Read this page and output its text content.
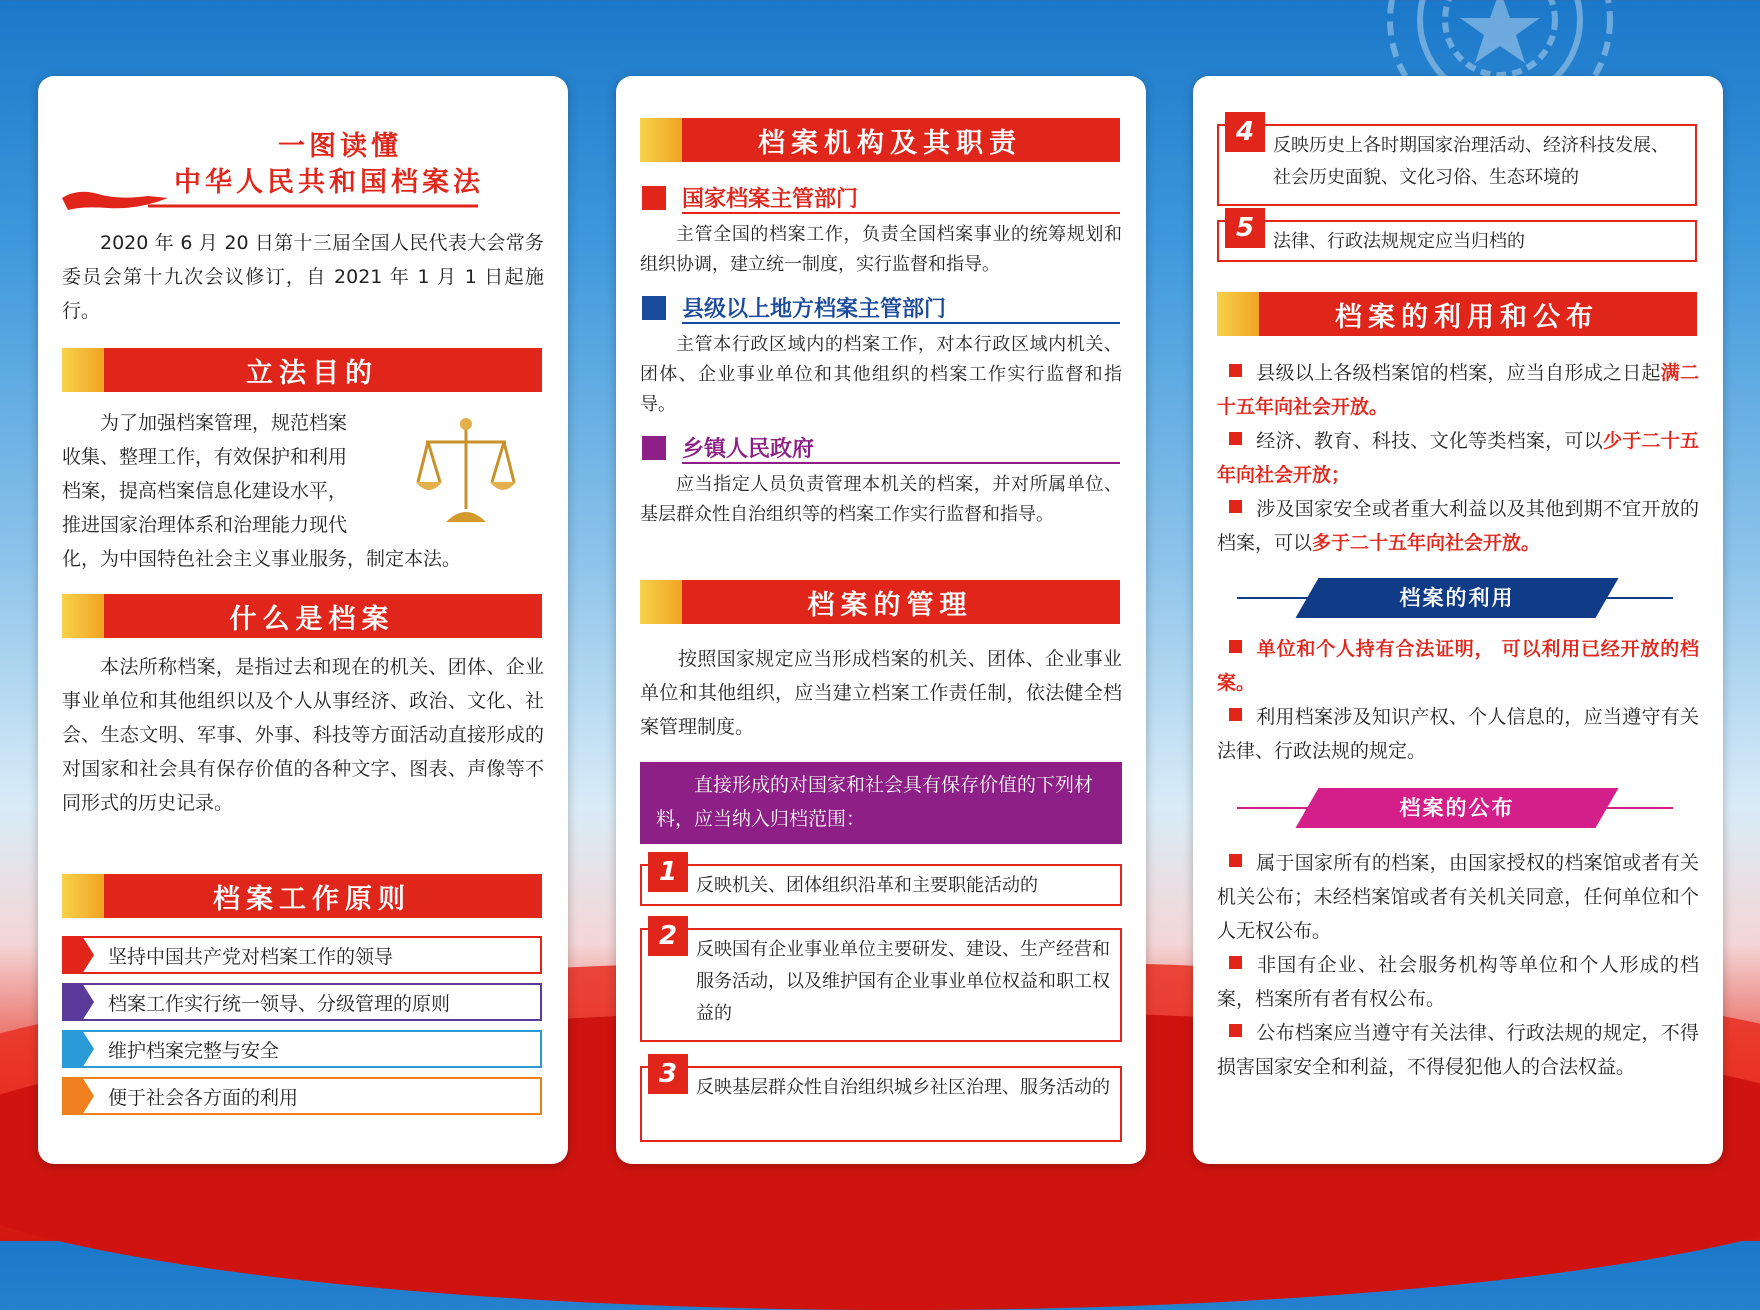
一图读懂
中华人民共和国档案法
2020 年 6 月 20 日第十三届全国人民代表大会常务委员会第十九次会议修订，自 2021 年 1 月 1 日起施行。
立法目的
为了加强档案管理，规范档案
收集、整理工作，有效保护和利用
档案，提高档案信息化建设水平，
推进国家治理体系和治理能力现代
化，为中国特色社会主义事业服务，制定本法。
什么是档案
本法所称档案，是指过去和现在的机关、团体、企业事业单位和其他组织以及个人从事经济、政治、文化、社会、生态文明、军事、外事、科技等方面活动直接形成的对国家和社会具有保存价值的各种文字、图表、声像等不同形式的历史记录。
档案工作原则
坚持中国共产党对档案工作的领导
档案工作实行统一领导、分级管理的原则
维护档案完整与安全
便于社会各方面的利用
档案机构及其职责
国家档案主管部门
主管全国的档案工作，负责全国档案事业的统筹规划和组织协调，建立统一制度，实行监督和指导。
县级以上地方档案主管部门
主管本行政区域内的档案工作，对本行政区域内机关、团体、企业事业单位和其他组织的档案工作实行监督和指导。
乡镇人民政府
应当指定人员负责管理本机关的档案，并对所属单位、基层群众性自治组织等的档案工作实行监督和指导。
档案的管理
按照国家规定应当形成档案的机关、团体、企业事业单位和其他组织，应当建立档案工作责任制，依法健全档案管理制度。
直接形成的对国家和社会具有保存价值的下列材料，应当纳入归档范围：
1	反映机关、团体组织沿革和主要职能活动的
2	反映国有企业事业单位主要研发、建设、生产经营和服务活动，以及维护国有企业事业单位权益和职工权益的
3	反映基层群众性自治组织城乡社区治理、服务活动的
4	反映历史上各时期国家治理活动、经济科技发展、社会历史面貌、文化习俗、生态环境的
5	法律、行政法规规定应当归档的
档案的利用和公布
县级以上各级档案馆的档案，应当自形成之日起满二十五年向社会开放。
经济、教育、科技、文化等类档案，可以少于二十五年向社会开放；
涉及国家安全或者重大利益以及其他到期不宜开放的档案，可以多于二十五年向社会开放。
档案的利用
单位和个人持有合法证明， 可以利用已经开放的档案。
利用档案涉及知识产权、个人信息的，应当遵守有关法律、行政法规的规定。
档案的公布
属于国家所有的档案，由国家授权的档案馆或者有关机关公布；未经档案馆或者有关机关同意，任何单位和个人无权公布。
非国有企业、社会服务机构等单位和个人形成的档案，档案所有者有权公布。
公布档案应当遵守有关法律、行政法规的规定，不得损害国家安全和利益，不得侵犯他人的合法权益。
